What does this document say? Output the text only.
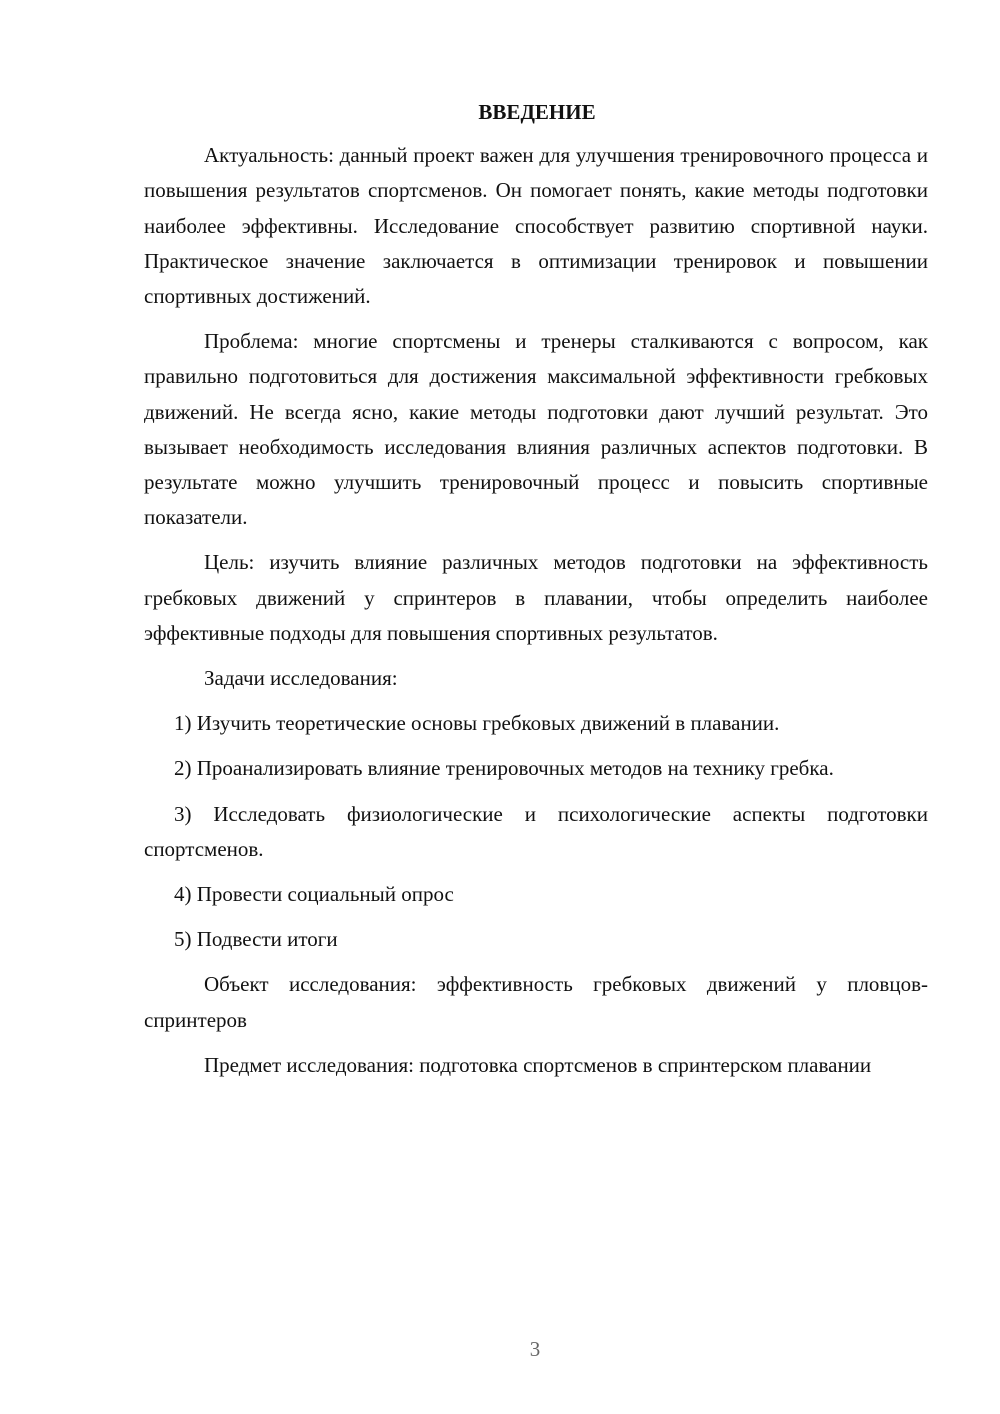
ВВЕДЕНИЕ

Актуальность: данный проект важен для улучшения тренировочного процесса и повышения результатов спортсменов. Он помогает понять, какие методы подготовки наиболее эффективны. Исследование способствует развитию спортивной науки. Практическое значение заключается в оптимизации тренировок и повышении спортивных достижений.

Проблема: многие спортсмены и тренеры сталкиваются с вопросом, как правильно подготовиться для достижения максимальной эффективности гребковых движений. Не всегда ясно, какие методы подготовки дают лучший результат. Это вызывает необходимость исследования влияния различных аспектов подготовки. В результате можно улучшить тренировочный процесс и повысить спортивные показатели.

Цель: изучить влияние различных методов подготовки на эффективность гребковых движений у спринтеров в плавании, чтобы определить наиболее эффективные подходы для повышения спортивных результатов.

Задачи исследования:

1) Изучить теоретические основы гребковых движений в плавании.

2) Проанализировать влияние тренировочных методов на технику гребка.

3) Исследовать физиологические и психологические аспекты подготовки спортсменов.

4) Провести социальный опрос

5) Подвести итоги

Объект исследования: эффективность гребковых движений у пловцов-спринтеров

Предмет исследования: подготовка спортсменов в спринтерском плавании

3
